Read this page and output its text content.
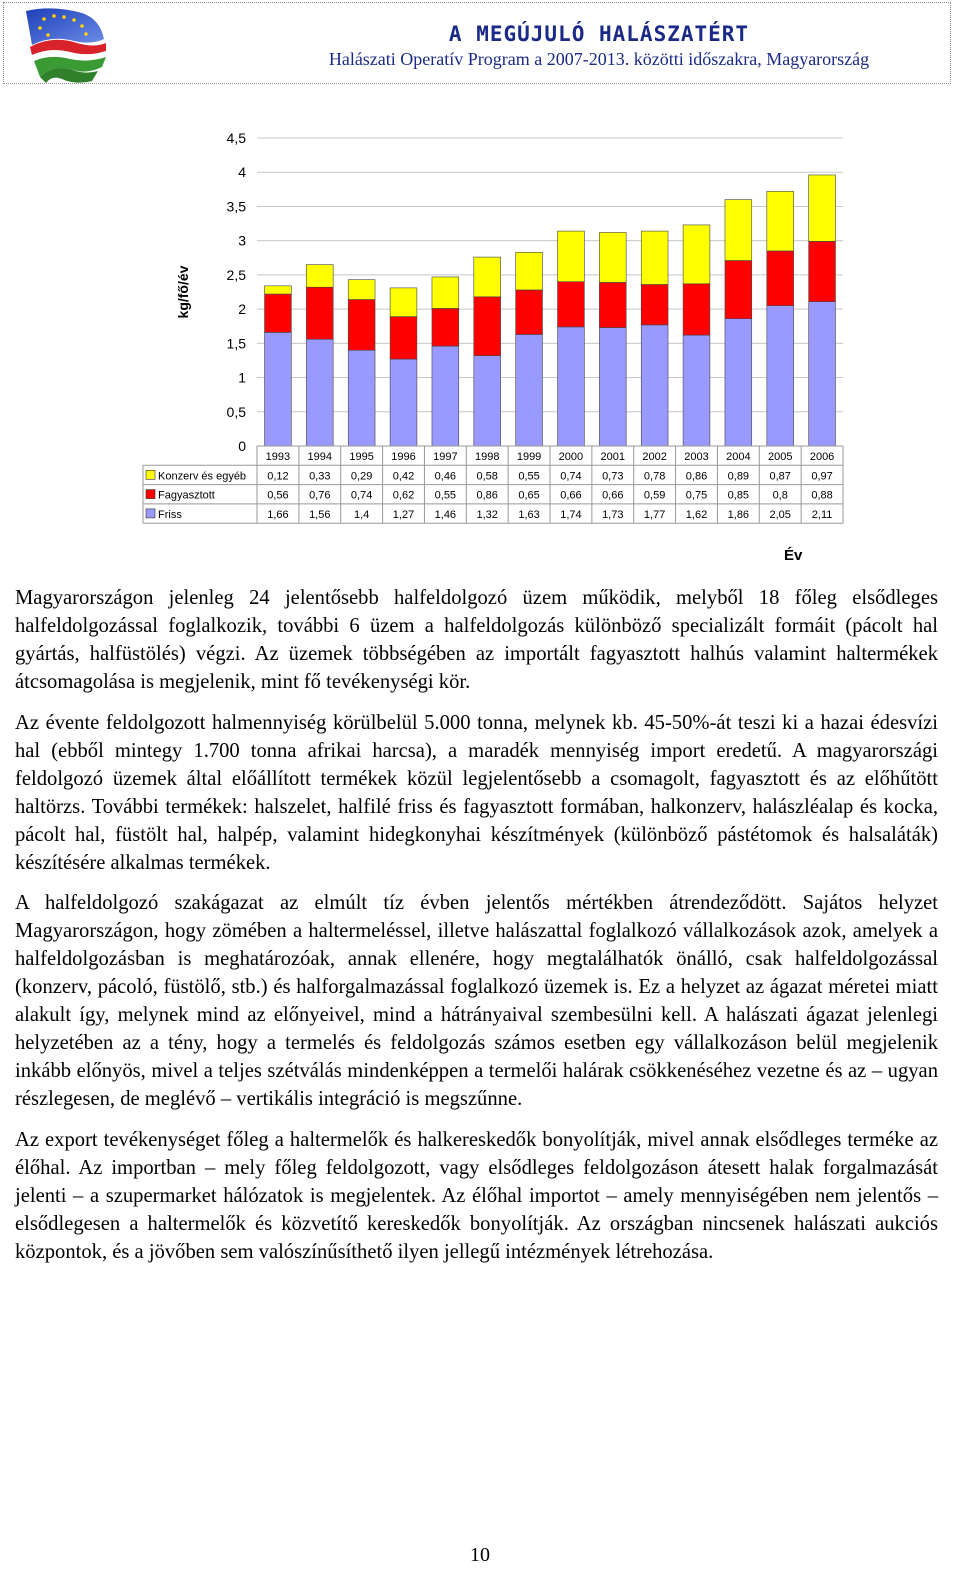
A MEGÚJULÓ HALÁSZATÉRT
Halászati Operatív Program a 2007-2013. közötti időszakra, Magyarország
kg/fő/év
Év
0
0,5
1
1,5
2
2,5
3
3,5
4
4,5
1993 1994 1995 1996 1997 1998 1999 2000 2001 2002 2003 2004 2005 2006
Konzerv és egyéb 0,12 0,33 0,29 0,42 0,46 0,58 0,55 0,74 0,73 0,78 0,86 0,89 0,87 0,97
Fagyasztott	0,56 0,76 0,74 0,62 0,55 0,86 0,65 0,66 0,66 0,59 0,75 0,85 0,8 0,88
Friss	1,66 1,56 1,4 1,27 1,46 1,32 1,63 1,74 1,73 1,77 1,62 1,86 2,05 2,11

Magyarországon jelenleg 24 jelentősebb halfeldolgozó üzem működik, melyből 18 főleg elsődleges halfeldolgozással foglalkozik, további 6 üzem a halfeldolgozás különböző specializált formáit (pácolt hal gyártás, halfüstölés) végzi. Az üzemek többségében az importált fagyasztott halhús valamint haltermékek átcsomagolása is megjelenik, mint fő tevékenységi kör.

Az évente feldolgozott halmennyiség körülbelül 5.000 tonna, melynek kb. 45-50%-át teszi ki a hazai édesvízi hal (ebből mintegy 1.700 tonna afrikai harcsa), a maradék mennyiség import eredetű. A magyarországi feldolgozó üzemek által előállított termékek közül legjelentősebb a csomagolt, fagyasztott és az előhűtött haltörzs. További termékek: halszelet, halfilé friss és fagyasztott formában, halkonzerv, halászléalap és kocka, pácolt hal, füstölt hal, halpép, valamint hidegkonyhai készítmények (különböző pástétomok és halsaláták) készítésére alkalmas termékek.

A halfeldolgozó szakágazat az elmúlt tíz évben jelentős mértékben átrendeződött. Sajátos helyzet Magyarországon, hogy zömében a haltermeléssel, illetve halászattal foglalkozó vállalkozások azok, amelyek a halfeldolgozásban is meghatározóak, annak ellenére, hogy megtalálhatók önálló, csak halfeldolgozással (konzerv, pácoló, füstölő, stb.) és halforgalmazással foglalkozó üzemek is. Ez a helyzet az ágazat méretei miatt alakult így, melynek mind az előnyeivel, mind a hátrányaival szembesülni kell. A halászati ágazat jelenlegi helyzetében az a tény, hogy a termelés és feldolgozás számos esetben egy vállalkozáson belül megjelenik inkább előnyös, mivel a teljes szétválás mindenképpen a termelői halárak csökkenéséhez vezetne és az – ugyan részlegesen, de meglévő – vertikális integráció is megszűnne.

Az export tevékenységet főleg a haltermelők és halkereskedők bonyolítják, mivel annak elsődleges terméke az élőhal. Az importban – mely főleg feldolgozott, vagy elsődleges feldolgozáson átesett halak forgalmazását jelenti – a szupermarket hálózatok is megjelentek. Az élőhal importot – amely mennyiségében nem jelentős – elsődlegesen a haltermelők és közvetítő kereskedők bonyolítják. Az országban nincsenek halászati aukciós központok, és a jövőben sem valószínűsíthető ilyen jellegű intézmények létrehozása.

10
